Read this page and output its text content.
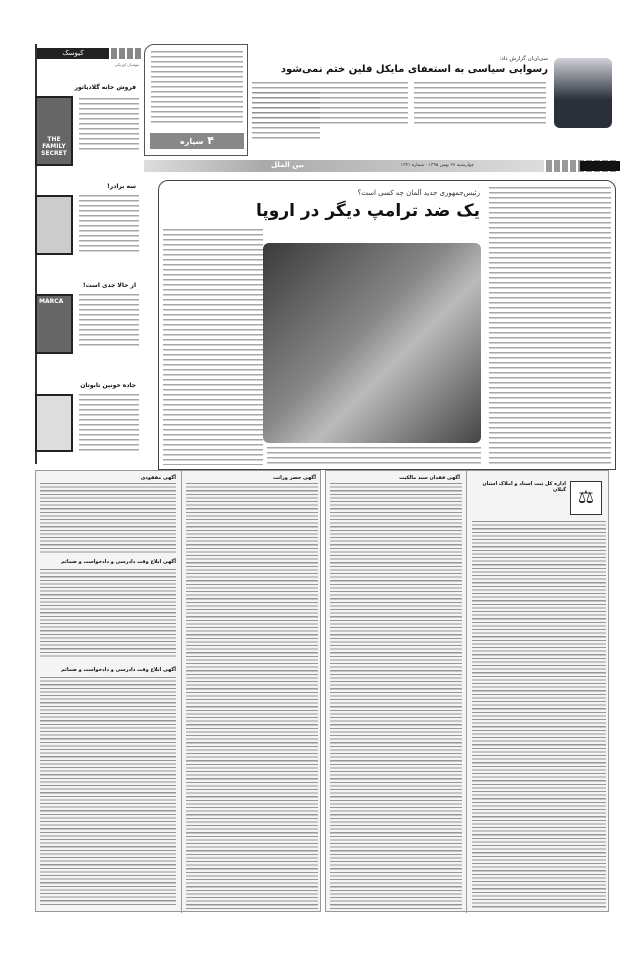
کیوسک
مهسان اوزبکی
فروش خانه گلادیاتور
THE FAMILY SECRET
سه برادر!
از حالا جدی است!
MARCA
جاده خونین تابوتان
۴ سیاره
سی‌ان‌ان گزارش داد:
رسوایی سیاسی به استعفای مایکل فلین ختم نمی‌شود
چهارشنبه ۲۷ بهمن ۱۳۹۵ - شماره ۱۳۴۱
بین الملل
رئیس‌جمهوری جدید آلمان چه کسی است؟
یک ضد ترامپ دیگر در اروپا
آگهی مفقودی
آگهی ابلاغ وقت دادرسی و دادخواست و ضمائم
آگهی ابلاغ وقت دادرسی و دادخواست و ضمائم
آگهی حصر وراثت	آگهی فقدان سند مالکیت
⚖
اداره کل ثبت اسناد و املاک استان گیلان
